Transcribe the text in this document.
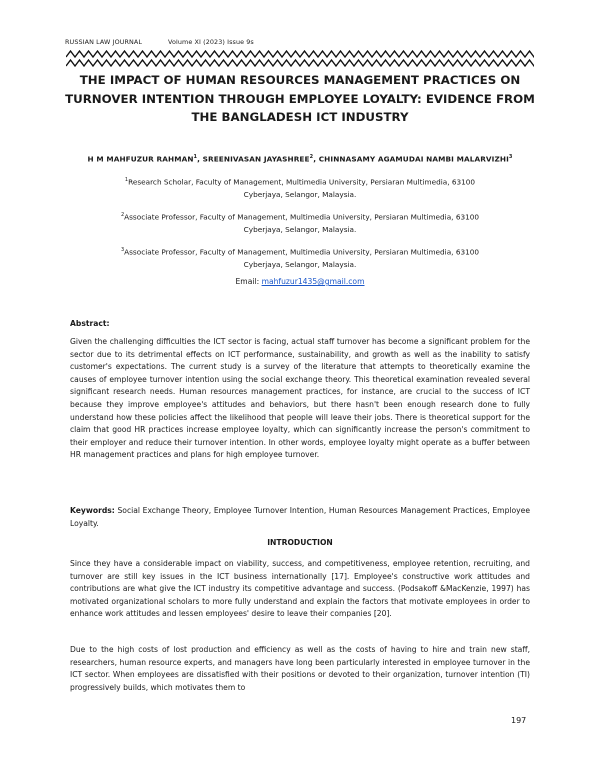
RUSSIAN LAW JOURNAL	Volume XI (2023) Issue 9s
THE IMPACT OF HUMAN RESOURCES MANAGEMENT PRACTICES ON TURNOVER INTENTION THROUGH EMPLOYEE LOYALTY: EVIDENCE FROM THE BANGLADESH ICT INDUSTRY
H M MAHFUZUR RAHMAN$^1$, SREENIVASAN JAYASHREE$^2$, CHINNASAMY AGAMUDAI NAMBI MALARVIZHI$^3$
$^1$Research Scholar, Faculty of Management, Multimedia University, Persiaran Multimedia, 63100
Cyberjaya, Selangor, Malaysia.
$^2$Associate Professor, Faculty of Management, Multimedia University, Persiaran Multimedia, 63100
Cyberjaya, Selangor, Malaysia.
$^3$Associate Professor, Faculty of Management, Multimedia University, Persiaran Multimedia, 63100
Cyberjaya, Selangor, Malaysia.
Email: mahfuzur1435@gmail.com
Abstract:
Given the challenging difficulties the ICT sector is facing, actual staff turnover has become a significant problem for the sector due to its detrimental effects on ICT performance, sustainability, and growth as well as the inability to satisfy customer's expectations. The current study is a survey of the literature that attempts to theoretically examine the causes of employee turnover intention using the social exchange theory. This theoretical examination revealed several significant research needs. Human resources management practices, for instance, are crucial to the success of ICT because they improve employee's attitudes and behaviors, but there hasn't been enough research done to fully understand how these policies affect the likelihood that people will leave their jobs. There is theoretical support for the claim that good HR practices increase employee loyalty, which can significantly increase the person's commitment to their employer and reduce their turnover intention. In other words, employee loyalty might operate as a buffer between HR management practices and plans for high employee turnover.
Keywords: Social Exchange Theory, Employee Turnover Intention, Human Resources Management Practices, Employee Loyalty.
INTRODUCTION
Since they have a considerable impact on viability, success, and competitiveness, employee retention, recruiting, and turnover are still key issues in the ICT business internationally [17]. Employee's constructive work attitudes and contributions are what give the ICT industry its competitive advantage and success. (Podsakoff &MacKenzie, 1997) has motivated organizational scholars to more fully understand and explain the factors that motivate employees in order to enhance work attitudes and lessen employees' desire to leave their companies [20].
Due to the high costs of lost production and efficiency as well as the costs of having to hire and train new staff, researchers, human resource experts, and managers have long been particularly interested in employee turnover in the ICT sector. When employees are dissatisfied with their positions or devoted to their organization, turnover intention (TI) progressively builds, which motivates them to
197
